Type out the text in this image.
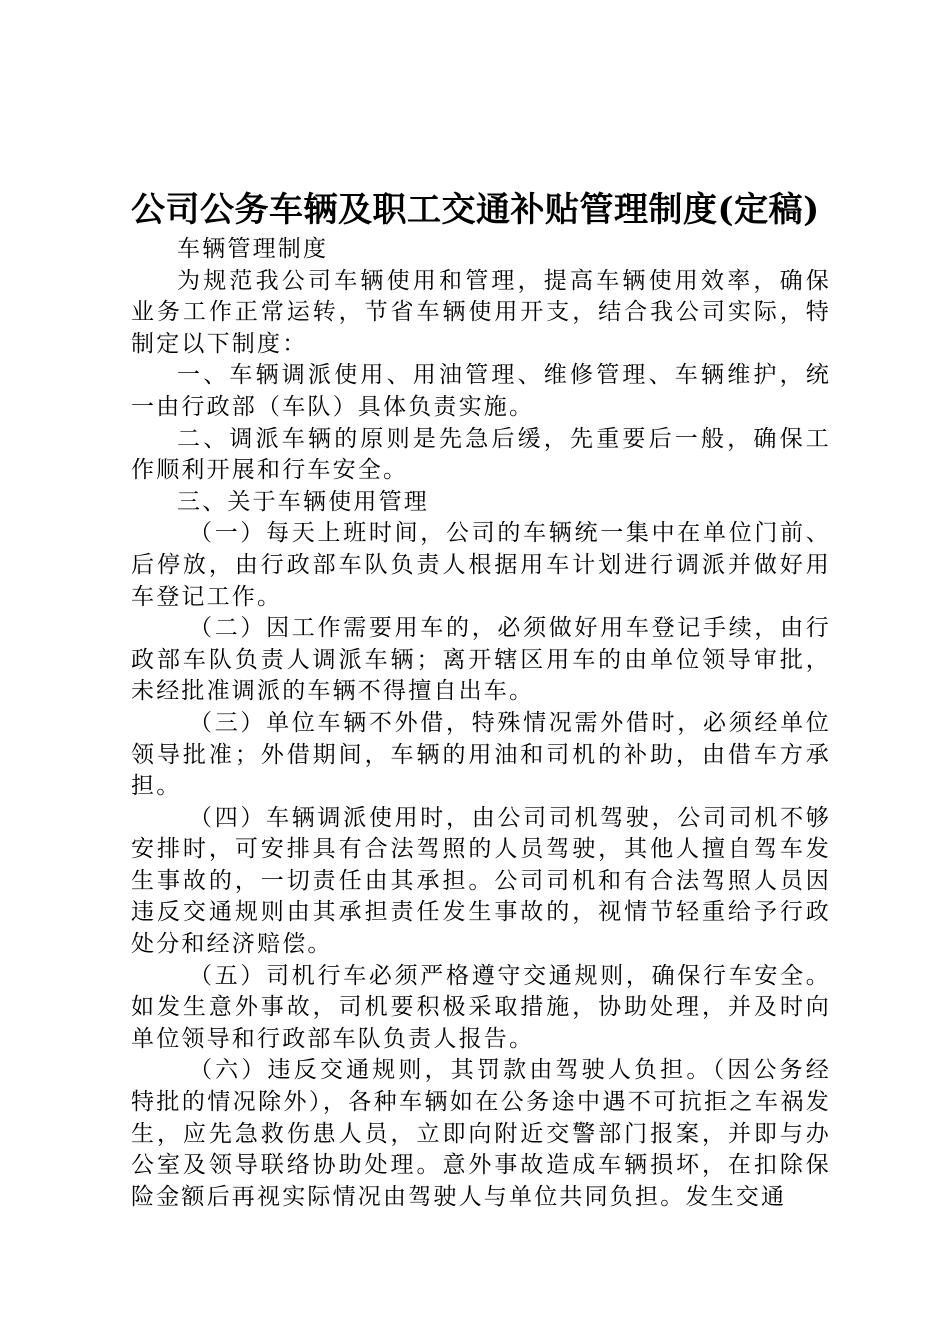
公司公务车辆及职工交通补贴管理制度(定稿)

车辆管理制度

为规范我公司车辆使用和管理，提高车辆使用效率，确保业务工作正常运转，节省车辆使用开支，结合我公司实际，特制定以下制度：

一、车辆调派使用、用油管理、维修管理、车辆维护，统一由行政部（车队）具体负责实施。

二、调派车辆的原则是先急后缓，先重要后一般，确保工作顺利开展和行车安全。

三、关于车辆使用管理

（一）每天上班时间，公司的车辆统一集中在单位门前、后停放，由行政部车队负责人根据用车计划进行调派并做好用车登记工作。

（二）因工作需要用车的，必须做好用车登记手续，由行政部车队负责人调派车辆；离开辖区用车的由单位领导审批，未经批准调派的车辆不得擅自出车。

（三）单位车辆不外借，特殊情况需外借时，必须经单位领导批准；外借期间，车辆的用油和司机的补助，由借车方承担。

（四）车辆调派使用时，由公司司机驾驶，公司司机不够安排时，可安排具有合法驾照的人员驾驶，其他人擅自驾车发生事故的，一切责任由其承担。公司司机和有合法驾照人员因违反交通规则由其承担责任发生事故的，视情节轻重给予行政处分和经济赔偿。

（五）司机行车必须严格遵守交通规则，确保行车安全。如发生意外事故，司机要积极采取措施，协助处理，并及时向单位领导和行政部车队负责人报告。

（六）违反交通规则，其罚款由驾驶人负担。（因公务经特批的情况除外），各种车辆如在公务途中遇不可抗拒之车祸发生，应先急救伤患人员，立即向附近交警部门报案，并即与办公室及领导联络协助处理。意外事故造成车辆损坏，在扣除保险金额后再视实际情况由驾驶人与单位共同负担。发生交通
